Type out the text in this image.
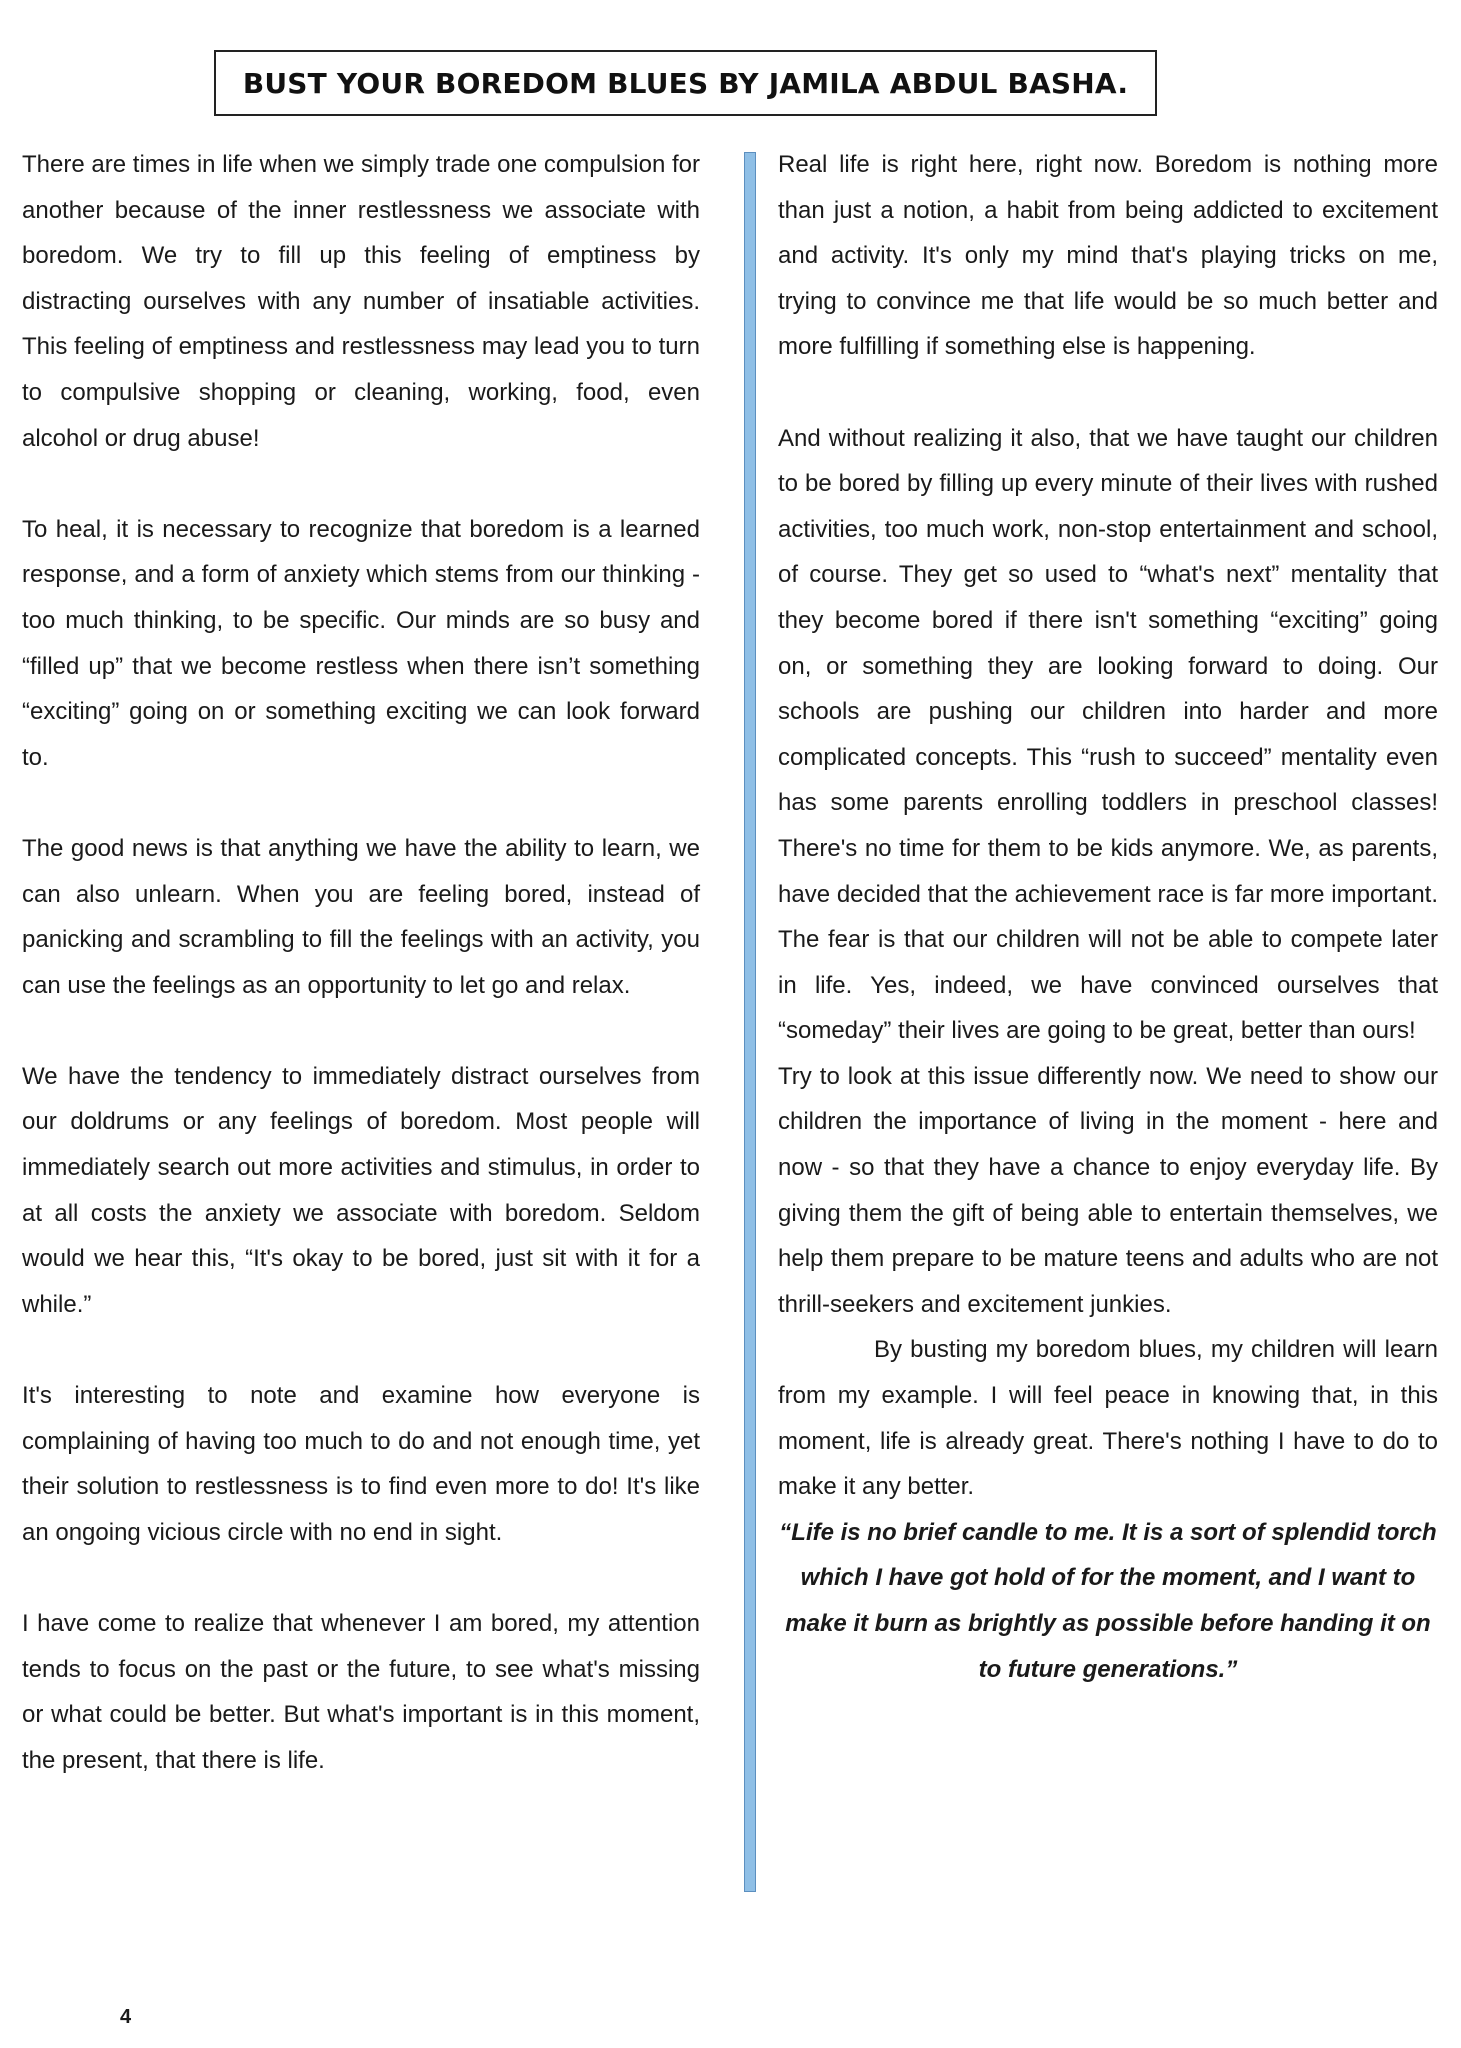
BUST YOUR BOREDOM BLUES BY JAMILA ABDUL BASHA.

There are times in life when we simply trade one compulsion for another because of the inner restlessness we associate with boredom. We try to fill up this feeling of emptiness by distracting ourselves with any number of insatiable activities. This feeling of emptiness and restlessness may lead you to turn to compulsive shopping or cleaning, working, food, even alcohol or drug abuse!

To heal, it is necessary to recognize that boredom is a learned response, and a form of anxiety which stems from our thinking - too much thinking, to be specific. Our minds are so busy and “filled up” that we become restless when there isn’t something “exciting” going on or something exciting we can look forward to.

The good news is that anything we have the ability to learn, we can also unlearn. When you are feeling bored, instead of panicking and scrambling to fill the feelings with an activity, you can use the feelings as an opportunity to let go and relax.

We have the tendency to immediately distract ourselves from our doldrums or any feelings of boredom. Most people will immediately search out more activities and stimulus, in order to at all costs the anxiety we associate with boredom. Seldom would we hear this, “It's okay to be bored, just sit with it for a while.”

It's interesting to note and examine how everyone is complaining of having too much to do and not enough time, yet their solution to restlessness is to find even more to do! It's like an ongoing vicious circle with no end in sight.

I have come to realize that whenever I am bored, my attention tends to focus on the past or the future, to see what's missing or what could be better. But what's important is in this moment, the present, that there is life.

Real life is right here, right now. Boredom is nothing more than just a notion, a habit from being addicted to excitement and activity. It's only my mind that's playing tricks on me, trying to convince me that life would be so much better and more fulfilling if something else is happening.

And without realizing it also, that we have taught our children to be bored by filling up every minute of their lives with rushed activities, too much work, non-stop entertainment and school, of course. They get so used to “what's next” mentality that they become bored if there isn't something “exciting” going on, or something they are looking forward to doing. Our schools are pushing our children into harder and more complicated concepts. This “rush to succeed” mentality even has some parents enrolling toddlers in preschool classes! There's no time for them to be kids anymore. We, as parents, have decided that the achievement race is far more important. The fear is that our children will not be able to compete later in life. Yes, indeed, we have convinced ourselves that “someday” their lives are going to be great, better than ours!

Try to look at this issue differently now. We need to show our children the importance of living in the moment - here and now - so that they have a chance to enjoy everyday life. By giving them the gift of being able to entertain themselves, we help them prepare to be mature teens and adults who are not thrill-seekers and excitement junkies.

By busting my boredom blues, my children will learn from my example. I will feel peace in knowing that, in this moment, life is already great. There's nothing I have to do to make it any better.

“Life is no brief candle to me. It is a sort of splendid torch which I have got hold of for the moment, and I want to make it burn as brightly as possible before handing it on to future generations.”

4
